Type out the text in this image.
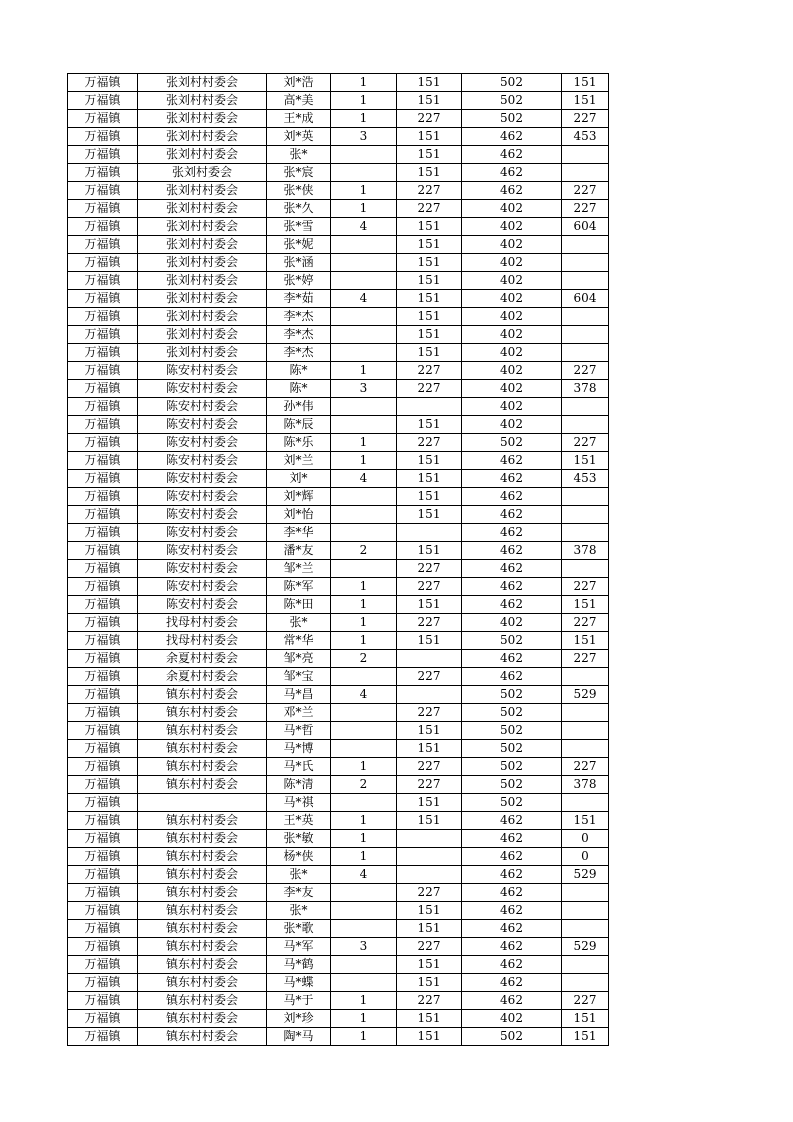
万福镇	张刘村村委会	刘*浩	1	151	502	151
万福镇	张刘村村委会	高*美	1	151	502	151
万福镇	张刘村村委会	王*成	1	227	502	227
万福镇	张刘村村委会	刘*英	3	151	462	453
万福镇	张刘村村委会	张*		151	462	
万福镇	张刘村委会	张*宸		151	462	
万福镇	张刘村村委会	张*侠	1	227	462	227
万福镇	张刘村村委会	张*久	1	227	402	227
万福镇	张刘村村委会	张*雪	4	151	402	604
万福镇	张刘村村委会	张*妮		151	402	
万福镇	张刘村村委会	张*涵		151	402	
万福镇	张刘村村委会	张*婷		151	402	
万福镇	张刘村村委会	李*茹	4	151	402	604
万福镇	张刘村村委会	李*杰		151	402	
万福镇	张刘村村委会	李*杰		151	402	
万福镇	张刘村村委会	李*杰		151	402	
万福镇	陈安村村委会	陈*	1	227	402	227
万福镇	陈安村村委会	陈*	3	227	402	378
万福镇	陈安村村委会	孙*伟			402	
万福镇	陈安村村委会	陈*辰		151	402	
万福镇	陈安村村委会	陈*乐	1	227	502	227
万福镇	陈安村村委会	刘*兰	1	151	462	151
万福镇	陈安村村委会	刘*	4	151	462	453
万福镇	陈安村村委会	刘*辉		151	462	
万福镇	陈安村村委会	刘*怡		151	462	
万福镇	陈安村村委会	李*华			462	
万福镇	陈安村村委会	潘*友	2	151	462	378
万福镇	陈安村村委会	邹*兰		227	462	
万福镇	陈安村村委会	陈*军	1	227	462	227
万福镇	陈安村村委会	陈*田	1	151	462	151
万福镇	找母村村委会	张*	1	227	402	227
万福镇	找母村村委会	常*华	1	151	502	151
万福镇	余夏村村委会	邹*亮	2		462	227
万福镇	余夏村村委会	邹*宝		227	462	
万福镇	镇东村村委会	马*昌	4		502	529
万福镇	镇东村村委会	邓*兰		227	502	
万福镇	镇东村村委会	马*哲		151	502	
万福镇	镇东村村委会	马*博		151	502	
万福镇	镇东村村委会	马*氏	1	227	502	227
万福镇	镇东村村委会	陈*清	2	227	502	378
万福镇		马*祺		151	502	
万福镇	镇东村村委会	王*英	1	151	462	151
万福镇	镇东村村委会	张*敏	1		462	0
万福镇	镇东村村委会	杨*侠	1		462	0
万福镇	镇东村村委会	张*	4		462	529
万福镇	镇东村村委会	李*友		227	462	
万福镇	镇东村村委会	张*		151	462	
万福镇	镇东村村委会	张*歌		151	462	
万福镇	镇东村村委会	马*军	3	227	462	529
万福镇	镇东村村委会	马*鹤		151	462	
万福镇	镇东村村委会	马*蝶		151	462	
万福镇	镇东村村委会	马*于	1	227	462	227
万福镇	镇东村村委会	刘*珍	1	151	402	151
万福镇	镇东村村委会	陶*马	1	151	502	151
